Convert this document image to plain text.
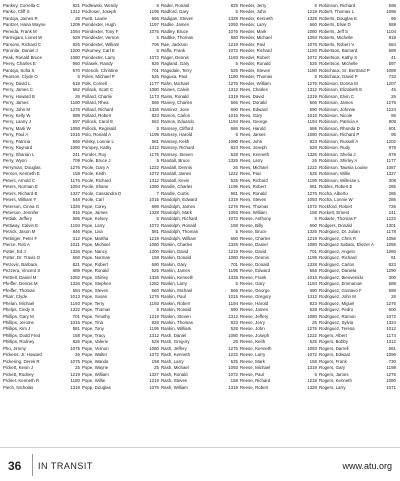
Pankey, Corrella C	821
Panko, Cliff S	1312
Pantoja, James R	26
Pantzer, Hana Wayne	1209
Pereida, Frank M	1094
Parmigani, Lionel W	529
Parsons, Richard C	825
Paronite, Daniel J	1200
Peak, Ronald Bruce	1080
Peery, Charles E	960
Pantoja, Sofia S	670
Pearson, Clyde O	5
Perry, David L	618
Perry, James C	562
Perry, Howard B	26
Perry, James	1180
Perry, John M	1276
Perry, Kelly W	689
Perry, Lanny J	597
Perry, Mark W	1088
Perry, Paul A	1015
Perry, Patricia	566
Perry, Raynard	1080
Perry, Shanan L	241
Perry, Wynn	709
Perryman, Douglas	1276
Person, Kenneth E	158
Peters, Arnold C	1176
Peters, Norman E	1094
Peters, Richard B	1327
Peters, William F	548
Peterson, Cinna G	1326
Peterson, Jennifer	815
Pettiak, Jeffery	686
Pettiway, Calvin E	1194
Petrick, Jason M	846
Pettinger, Peter F	312
Pierce, Rob A	1021
Potter, Ed J	1326
Potter, Dr. Travis O	660
Petrovic, Barbara	821
Pezzera, Vincent S	689
Pettrell, Daniel M	1092
Pfeiffer, Dennis M	1326
Pfeiffer, Thomas	584
Pharr, Clyde	1013
Phelan, Michael	1193
Phelps, Cindy S	1322
Phillips, Gary M	701
Phillips, Jerome	1015
Phillips, Kim J	581
Phillips, Dodd Fred	158
Phillips, Rodney	826
Pho, Jimmy	1075
Pickens, Jr. Howard	26
Pickering, Derek R	1075
Pickett, Kevin J	25
Pickett, Rodney	1219
Pickler, Kenneth R	1180
Piech, Nicholas	1319
Podlewski, Wendy	5
Podroser, Joseph	1195
Poett, Laurie	666
Poindexter, Hugh	1197
Poindexter, Tony F	1075
Poindexter, Vernon	5
Poindexter, William	706
Pokorney, Carl E	5
Poindexter, Larry	1072
Polasek, Randy	826
Polescik, Christine	701
Poles, Michael P	525
Polk, Cornell	1177
Pollack, Scott C	1080
Pollard, Charlie	1173
Pollard, Rhea	566
Pollard, Richard	1326
Pollard, Robert	823
Pollock, Carol E	562
Pollock, Reginald	5
Polo, Ronald A	1195
Polsky, Lonnie L	581
Pompey, Kathy	1312
Ponder, Roy	1176
Poole, Bruce J	5
Poole, Gary A	1222
Poole, Keith	1072
Poole, Richard	1312
Poole, Shane	1080
Poole, Cassandra D	7
Poole, Carl	1015
Pope, Corey	686
Pope, James	1328
Pope, Kelsey	5
Pope, Larry	1072
Pope, Lisa	581
Pope, Martha	1219
Pope, Michael	1080
Pope, Nancy	1300
Pope, Norman	158
Pope, Robert	690
Pope, Ronald	525
Pope, Shirley	1326
Pope, Stephen	1282
Pope, Steven	660
Pope, Susan	1276
Pope, Terry	1193
Pope, Thomas	5
Pope, Timothy	1219
Pope, Tina	826
Pope, Tony	1195
Pope, Tracy	1312
Pope, Valerie	528
Pope, Vernon	1080
Pope, Walter	1072
Pope, Wanda	158
Pope, Wayne	25
Pope, William	1327
Pope, Willie	1219
Popp, Douglas	1075
Rader, Ronald	825
Radford, Gary	5
Radigan, Steven	1328
Radke, James	1093
Radley, Bruce	1075
Radtke, Thomas	660
Rae, Jackson	1219
Raffa, Frank	1072
Rager, Dennis	1193
Ragland, Gary	5
Ragsdale, Terry	526
Ragusa, Paul	1180
Rahn, Michael	1276
Raines, Calvin	1312
Rains, Ronald	1319
Ramey, Charles	566
Ramirez, Jose	690
Ramos, Carlos	1015
Ramos, Eduardo	1194
Ramsey, Clifford	686
Ramsey, Harold	5
Ramsey, Keith	1080
Ramsey, Richard	823
Ramsey, Steven	528
Randall, Bruce	1326
Randall, Dennis	26
Randall, James	1222
Randall, Kevin	525
Randle, Charles	1195
Randle, Curtis	581
Randolph, Edward	1319
Randolph, James	1276
Randolph, Mark	1093
Randolph, Richard	1072
Randolph, Ronald	158
Randolph, Thomas	5
Randolph, William	660
Rankin, Charles	1326
Rankin, David	1219
Rankin, Donald	1080
Rankin, Gary	701
Rankin, James	1195
Rankin, Kenneth	1328
Rankin, Larry	5
Rankin, Michael	566
Rankin, Paul	1015
Rankin, Robert	1194
Rankin, Ronald	690
Rankin, Steven	1312
Rankin, Thomas	823
Rankin, William	528
Rash, Daniel	1080
Rash, Gregory	26
Rash, Jeffery	1276
Rash, Kenneth	1222
Rash, Larry	525
Rash, Michael	1093
Rash, Ronald	1072
Rash, Steven	158
Rash, William	1319
Reeder, Jerry	5
Reeder, John	1219
Reeder, Kenneth	1328
Reeder, Larry	660
Reeder, Mark	1080
Reeder, Michael	1093
Reeder, Paul	1075
Reeder, Richard	1193
Reeder, Robert	1072
Reeder, Ronald	526
Reeder, Steven	1180
Reeder, Thomas	5
Reeder, William	1276
Rees, Charles	1312
Rees, David	1319
Rees, Donald	566
Rees, Edward	690
Rees, Gary	1015
Rees, George	1194
Rees, Harold	686
Rees, James	1080
Rees, John	823
Rees, Joseph	528
Rees, Kenneth	1326
Rees, Larry	26
Rees, Michael	1222
Rees, Paul	525
Rees, Richard	1195
Rees, Robert	581
Rees, Ronald	1276
Rees, Steven	1093
Rees, Thomas	1072
Rees, William	158
Reese, Anthony	5
Reese, Billy	660
Reese, Bruce	1326
Reese, Charles	1219
Reese, Daniel	1080
Reese, David	701
Reese, Dennis	1195
Reese, Donald	1328
Reese, Edward	566
Reese, Frank	1015
Reese, Gary	1194
Reese, George	690
Reese, Gregory	1312
Reese, Harold	823
Reese, James	528
Reese, Jeffery	1080
Reese, Jerry	26
Reese, John	1276
Reese, Joseph	1222
Reese, Keith	525
Reese, Kenneth	1093
Reese, Larry	1072
Reese, Mark	158
Reese, Michael	1319
Reese, Paul	5
Reese, Richard	1219
Reese, Robert	1328
Robinson, Richard	598
Robert, Thomas L	1096
Roberts, Douglas E	95
Roberts, Elsie D	588
Roberts, Jeff S	1104
Roberts, Michelle	819
Roberts, Robert V	684
Robertson, Barnard	689
Robertson, Kathy S	41
Robertson, Michelle	597
Robichaux, Sr. Bertrand P	1089
Robichaux, David P	733
Robinson, Donna M	1207
Robinson, Elizabeth E	45
Robinson, Elvin C	26
Robinson, James	1276
Robinson, Johnnie	1224
Robinson, Nicole	95
Robinson, Patricia A	808
Robinson, Rhonda D	601
Robinson, Richard P	95
Robinson, Russell A	1202
Robinson, Rudy	978
Robinson, Shelia J	679
Robinson, Shirley A	1177
Robinson, Tawnia Louise	1087
Robinson, Willie	1327
Robinson, Willesse L	308
Robles, Robert E	285
Rocha, Alberto	285
Rocha, Lonnie W	285
Rockford, Robert	726
Rockett, Ernest	241
Rodarte, Thomas F	1222
Rodgers, Donald	1301
Rodriguez, Dr. Julian	1178
Rodriguez, Chris R	1056
Rodriguez Sabato, Eliezer A	1056
Rodriguez, Angelo	1080
Rodriguez, Richard	81
Rodriguez, Carlos	823
Rodriguez, Daniela	1290
Rodriguez, Bienvenido	300
Rodriguez, Emmanuel	589
Rodriguez, Gustavo F	598
Rodriguez, John M	26
Rodriguez, Miguel	1276
Rodriguez, Pedro	500
Rodriguez, Ramon	1072
Rodriguez, Sylvia	1324
Rodriguez, Teresa	1012
Rogers, Albert	1174
Rogers, Bobby	1312
Rogers, Darrell	581
Rogers, Edward	1096
Rogers, Frank	730
Rogers, Gary	1198
Rogers, James	1276
Rogers, Kenneth	1080
Rogers, Larry	1071
36 IN TRANSIT	www.atu.org
